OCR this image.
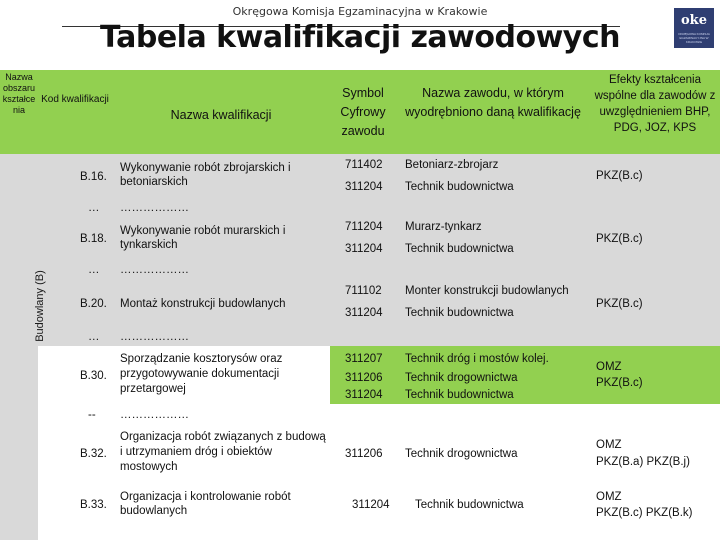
Okręgowa Komisja Egzaminacyjna w Krakowie
Tabela kwalifikacji zawodowych	oke
OKRĘGOWA KOMISJA EGZAMINACYJNA W KRAKOWIE
Nazwa obszaru kształcenia
Kod kwalifikacji
Nazwa kwalifikacji
Symbol Cyfrowy zawodu
Nazwa zawodu, w którym wyodrębniono daną kwalifikację
Efekty kształcenia wspólne dla zawodów z uwzględnieniem BHP, PDG, JOZ, KPS
Budowlany (B)
B.16.
Wykonywanie robót zbrojarskich i betoniarskich
711402
311204
Betoniarz-zbrojarz
Technik budownictwa
PKZ(B.c)
… ………………
B.18.
Wykonywanie robót murarskich i tynkarskich
711204
311204
Murarz-tynkarz
Technik budownictwa
PKZ(B.c)
… ………………
B.20. Montaż konstrukcji budowlanych
711102
311204
Monter konstrukcji budowlanych
Technik budownictwa
PKZ(B.c)
… ………………
B.30.
Sporządzanie kosztorysów oraz przygotowywanie dokumentacji przetargowej
311207
311206
311204
Technik dróg i mostów kolej.
Technik drogownictwa
Technik budownictwa
OMZ
PKZ(B.c)
-- ………………
B.32.
Organizacja robót związanych z budową i utrzymaniem dróg i obiektów mostowych
311206 Technik drogownictwa
OMZ
PKZ(B.a) PKZ(B.j)
B.33.
Organizacja i kontrolowanie robót budowlanych	311204 Technik budownictwa
OMZ
PKZ(B.c) PKZ(B.k)
